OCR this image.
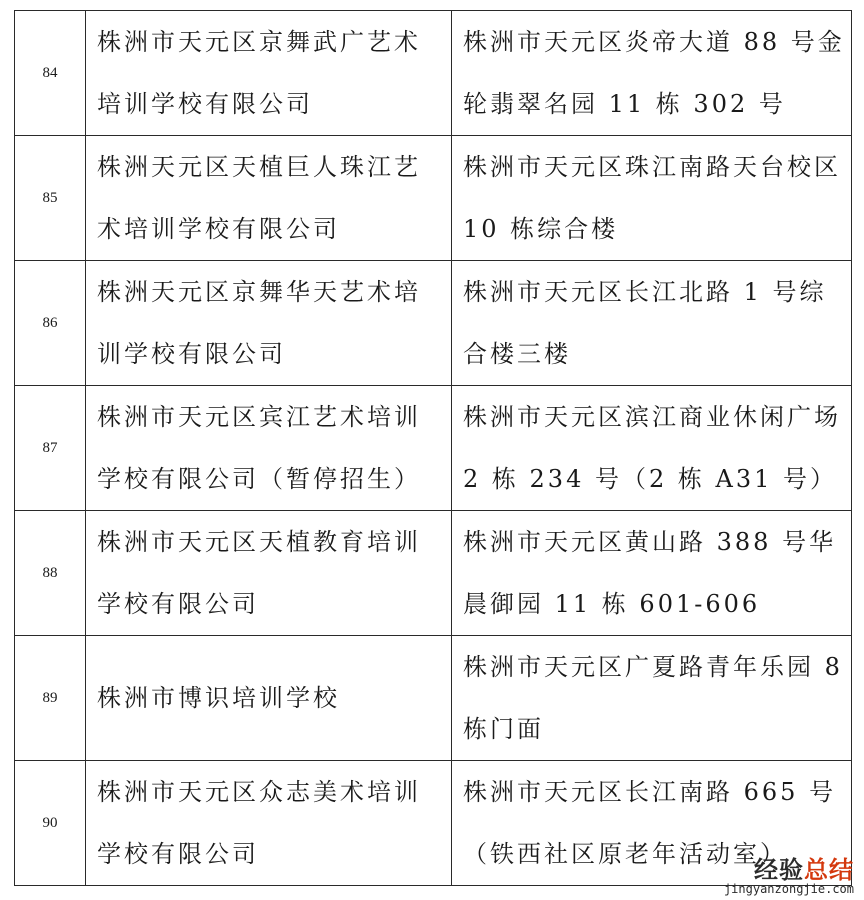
84	株洲市天元区京舞武广艺术培训学校有限公司	株洲市天元区炎帝大道 88 号金轮翡翠名园 11 栋 302 号
85	株洲天元区天植巨人珠江艺术培训学校有限公司	株洲市天元区珠江南路天台校区 10 栋综合楼
86	株洲天元区京舞华天艺术培训学校有限公司	株洲市天元区长江北路 1 号综合楼三楼
87	株洲市天元区宾江艺术培训学校有限公司（暂停招生）	株洲市天元区滨江商业休闲广场 2 栋 234 号（2 栋 A31 号）
88	株洲市天元区天植教育培训学校有限公司	株洲市天元区黄山路 388 号华晨御园 11 栋 601-606
89	株洲市博识培训学校	株洲市天元区广夏路青年乐园 8 栋门面
90	株洲市天元区众志美术培训学校有限公司	株洲市天元区长江南路 665 号（铁西社区原老年活动室）
经验总结
jingyanzongjie.com
